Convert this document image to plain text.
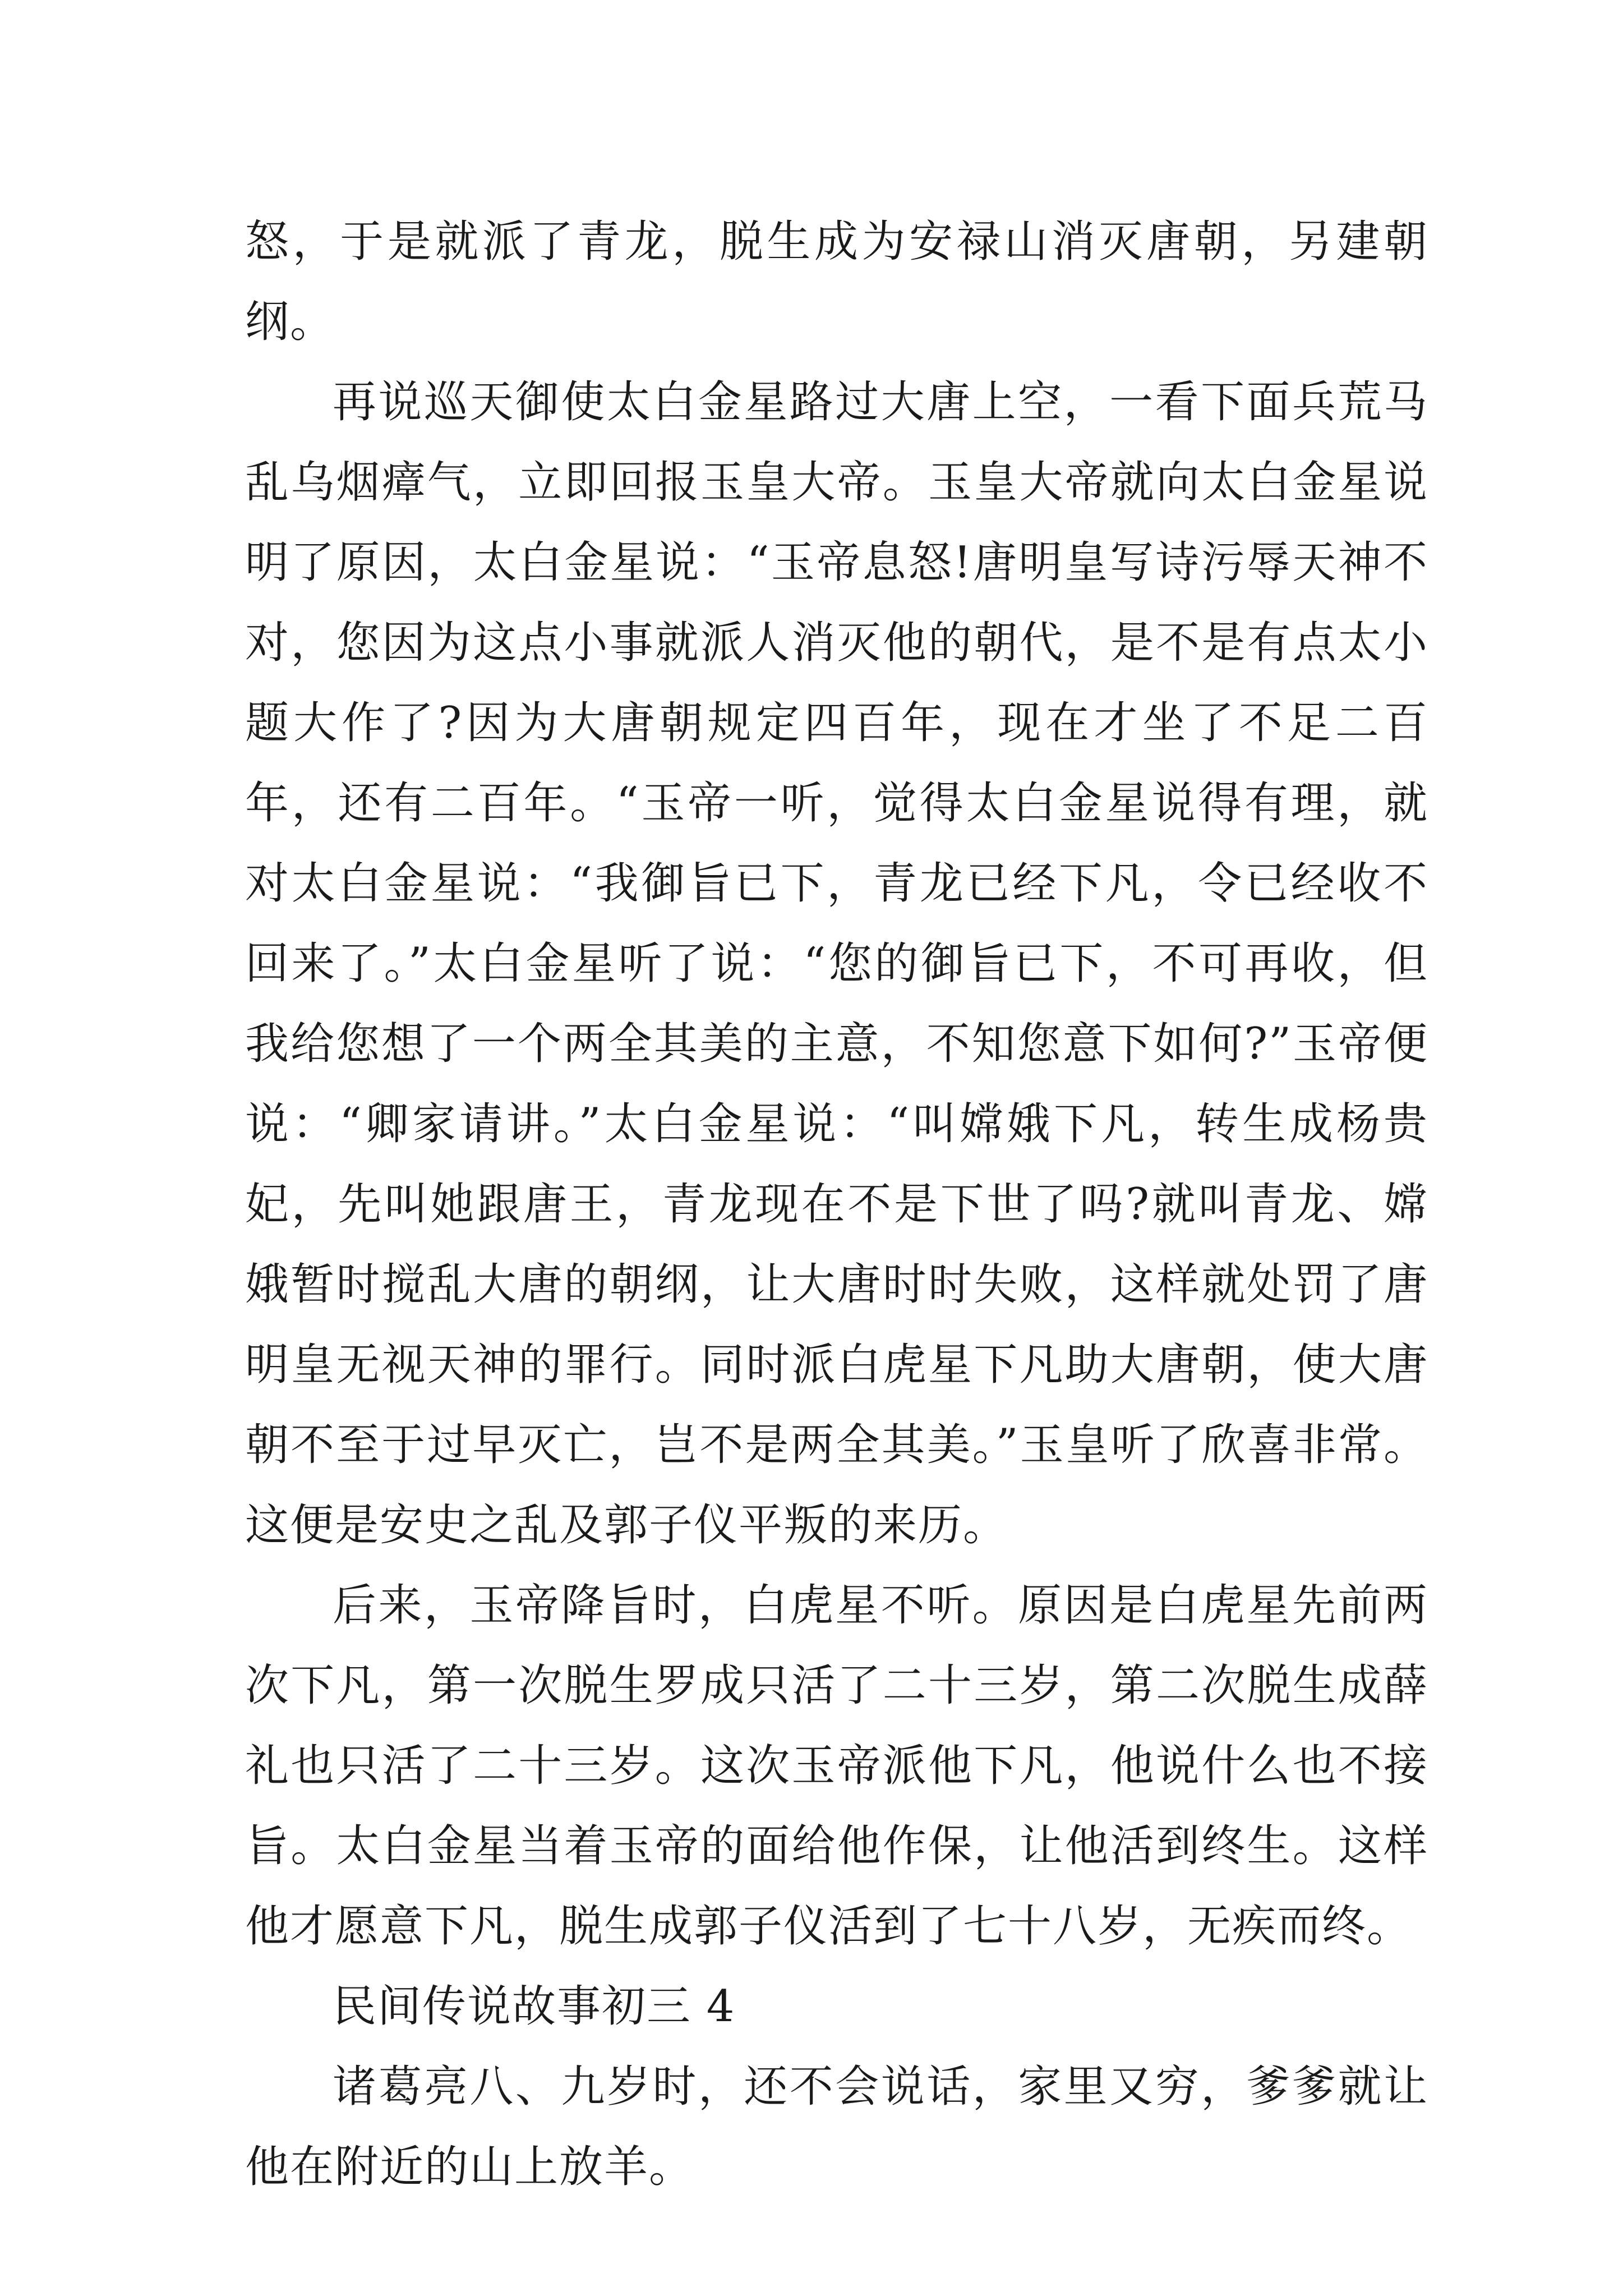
怒，于是就派了青龙，脱生成为安禄山消灭唐朝，另建朝纲。

再说巡天御使太白金星路过大唐上空，一看下面兵荒马乱乌烟瘴气，立即回报玉皇大帝。玉皇大帝就向太白金星说明了原因，太白金星说：“玉帝息怒!唐明皇写诗污辱天神不对，您因为这点小事就派人消灭他的朝代，是不是有点太小题大作了?因为大唐朝规定四百年，现在才坐了不足二百年，还有二百年。“玉帝一听，觉得太白金星说得有理，就对太白金星说：“我御旨已下，青龙已经下凡，令已经收不回来了。”太白金星听了说：“您的御旨已下，不可再收，但我给您想了一个两全其美的主意，不知您意下如何?”玉帝便说：“卿家请讲。”太白金星说：“叫嫦娥下凡，转生成杨贵妃，先叫她跟唐王，青龙现在不是下世了吗?就叫青龙、嫦娥暂时搅乱大唐的朝纲，让大唐时时失败，这样就处罚了唐明皇无视天神的罪行。同时派白虎星下凡助大唐朝，使大唐朝不至于过早灭亡，岂不是两全其美。”玉皇听了欣喜非常。这便是安史之乱及郭子仪平叛的来历。

后来，玉帝降旨时，白虎星不听。原因是白虎星先前两次下凡，第一次脱生罗成只活了二十三岁，第二次脱生成薛礼也只活了二十三岁。这次玉帝派他下凡，他说什么也不接旨。太白金星当着玉帝的面给他作保，让他活到终生。这样他才愿意下凡，脱生成郭子仪活到了七十八岁，无疾而终。

民间传说故事初三 4

诸葛亮八、九岁时，还不会说话，家里又穷，爹爹就让他在附近的山上放羊。
